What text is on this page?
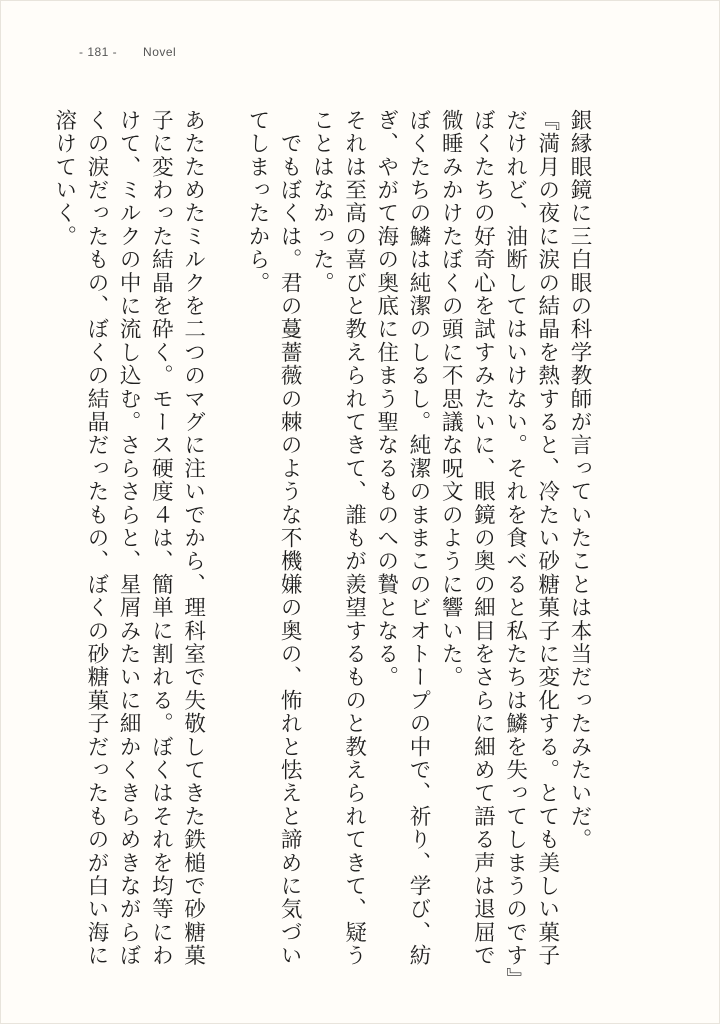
- 181 - Novel

銀縁眼鏡に三白眼の科学教師が言っていたことは本当だったみたいだ。

『満月の夜に涙の結晶を熱すると、冷たい砂糖菓子に変化する。とても美しい菓子だけれど、油断してはいけない。それを食べると私たちは鱗を失ってしまうのです』

ぼくたちの好奇心を試すみたいに、眼鏡の奥の細目をさらに細めて語る声は退屈で微睡みかけたぼくの頭に不思議な呪文のように響いた。

ぼくたちの鱗は純潔のしるし。純潔のままこのビオトープの中で、祈り、学び、紡ぎ、やがて海の奥底に住まう聖なるものへの贄となる。

それは至高の喜びと教えられてきて、誰もが羨望するものと教えられてきて、疑うことはなかった。

　でもぼくは。君の蔓薔薇の棘のような不機嫌の奥の、怖れと怯えと諦めに気づいてしまったから。

あたためたミルクを二つのマグに注いでから、理科室で失敬してきた鉄槌で砂糖菓子に変わった結晶を砕く。モース硬度４は、簡単に割れる。ぼくはそれを均等にわけて、ミルクの中に流し込む。さらさらと、星屑みたいに細かくきらめきながらぼくの涙だったもの、ぼくの結晶だったもの、ぼくの砂糖菓子だったものが白い海に溶けていく。
